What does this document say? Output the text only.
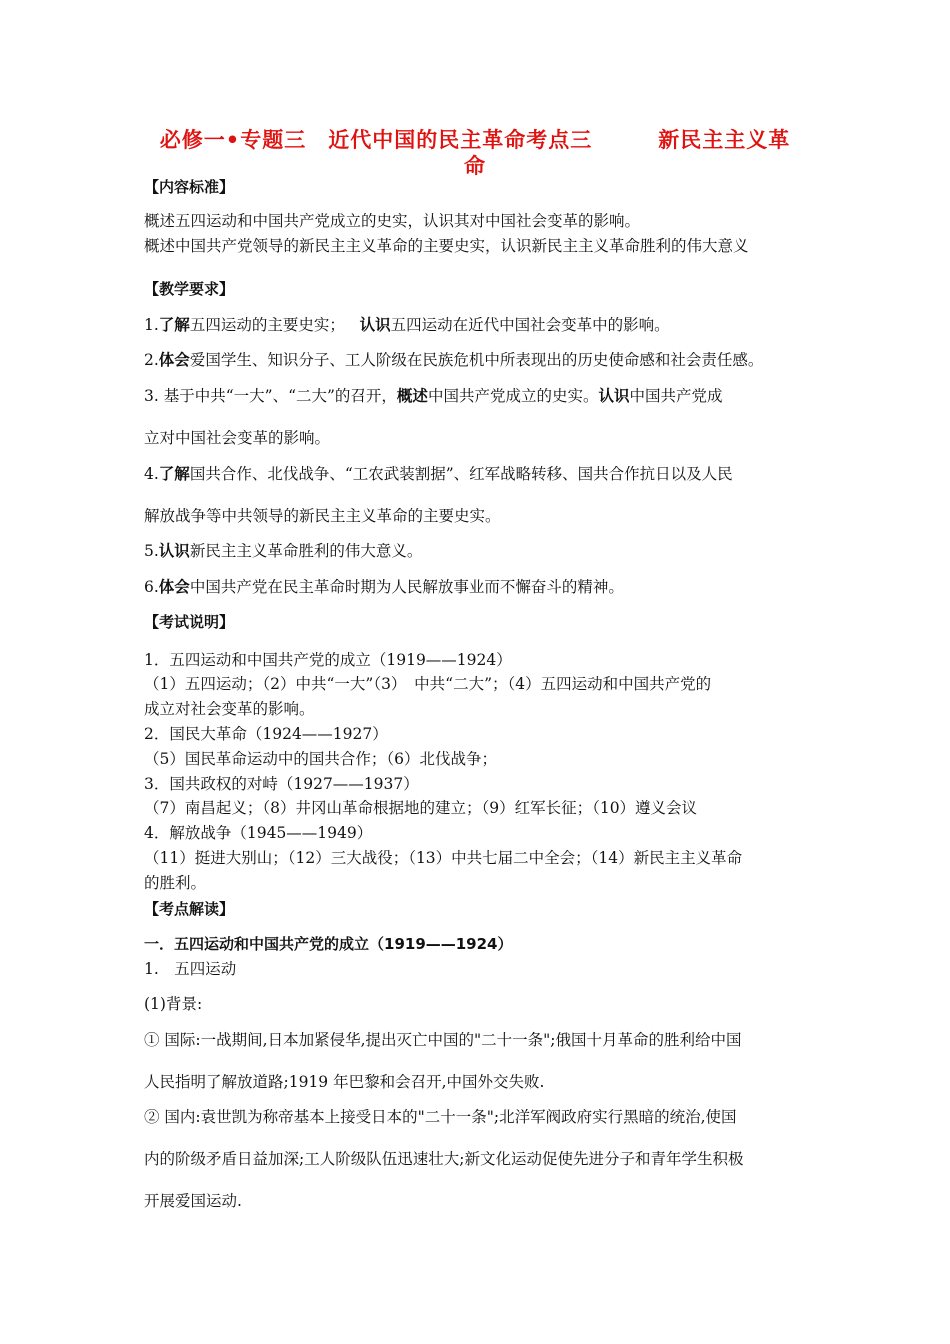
必修一•专题三　近代中国的民主革命考点三　　　新民主主义革
命
【内容标准】
概述五四运动和中国共产党成立的史实，认识其对中国社会变革的影响。
概述中国共产党领导的新民主主义革命的主要史实，认识新民主主义革命胜利的伟大意义
【教学要求】
1.了解五四运动的主要史实； 认识五四运动在近代中国社会变革中的影响。
2.体会爱国学生、知识分子、工人阶级在民族危机中所表现出的历史使命感和社会责任感。
3. 基于中共“一大”、“二大”的召开，概述中国共产党成立的史实。认识中国共产党成
立对中国社会变革的影响。
4.了解国共合作、北伐战争、“工农武装割据”、红军战略转移、国共合作抗日以及人民
解放战争等中共领导的新民主主义革命的主要史实。
5.认识新民主主义革命胜利的伟大意义。
6.体会中国共产党在民主革命时期为人民解放事业而不懈奋斗的精神。
【考试说明】
1．五四运动和中国共产党的成立（1919——1924）
（1）五四运动；（2）中共“一大”（3）　中共“二大”；（4）五四运动和中国共产党的
成立对社会变革的影响。
2．国民大革命（1924——1927）
（5）国民革命运动中的国共合作；（6）北伐战争；
3．国共政权的对峙（1927——1937）
（7）南昌起义；（8）井冈山革命根据地的建立；（9）红军长征；（10）遵义会议
4．解放战争（1945——1949）
（11）挺进大别山；（12）三大战役；（13）中共七届二中全会；（14）新民主主义革命
的胜利。
【考点解读】
一．五四运动和中国共产党的成立（1919——1924）
1.　五四运动
(1)背景:
① 国际:一战期间,日本加紧侵华,提出灭亡中国的"二十一条";俄国十月革命的胜利给中国
人民指明了解放道路;1919 年巴黎和会召开,中国外交失败.
② 国内:袁世凯为称帝基本上接受日本的"二十一条";北洋军阀政府实行黑暗的统治,使国
内的阶级矛盾日益加深;工人阶级队伍迅速壮大;新文化运动促使先进分子和青年学生积极
开展爱国运动.
